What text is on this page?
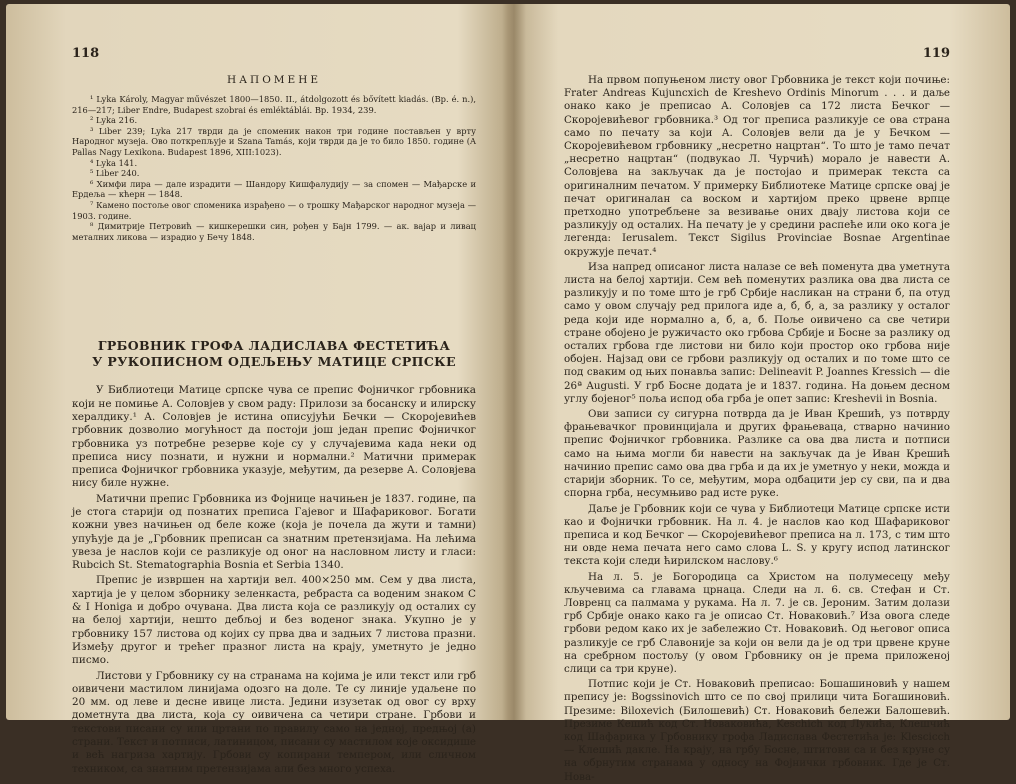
118
НАПОМЕНЕ

¹ Lyka Károly, Magyar művészet 1800—1850. II., átdolgozott és bővített kiadás. (Bp. é. n.), 216—217; Liber Endre, Budapest szobrai és emléktáblái. Bp. 1934, 239.

² Lyka 216.

³ Liber 239; Lyka 217 тврди да је споменик након три године постављен у врту Народног музеја. Ово поткрепљује и Szana Tamás, који тврди да је то било 1850. године (A Pallas Nagy Lexikona. Budapest 1896, XIII:1023).

⁴ Lyka 141.

⁵ Liber 240.

⁶ Химфи лира — дале израдити — Шандору Кишфалудију — за спомен — Мађарске и Ердеља — кћерн — 1848.

⁷ Камено постоље овог споменика израђено — о трошку Мађарског народног музеја — 1903. године.

⁸ Димитрије Петровић — кишкерешки син, рођен у Бајн 1799. — ак. вајар и ливац металних ликова — израдио у Бечу 1848.

ГРБОВНИК ГРОФА ЛАДИСЛАВА ФЕСТЕТИЋА
У РУКОПИСНОМ ОДЕЉЕЊУ МАТИЦЕ СРПСКЕ

У Библиотеци Матице српске чува се препис Фојничког грбовника који не помиње А. Соловјев у свом раду: Прилози за босанску и илирску хералдику.¹ А. Соловјев је истина описујући Бечки — Скоројевићев грбовник дозволио могућност да постоји још један препис Фојничког грбовника уз потребне резерве које су у случајевима када неки од преписа нису познати, и нужни и нормални.² Матични примерак преписа Фојничког грбовника указује, међутим, да резерве А. Соловјева нису биле нужне.

Матични препис Грбовника из Фојнице начињен је 1837. године, па је стога старији од познатих преписа Гајевог и Шафариковог. Богати кожни увез начињен од беле коже (која је почела да жути и тамни) упућује да је „Грбовник преписан са знатним претензијама. На лећима увеза је наслов који се разликује од оног на насловном листу и гласи: Rubcich St. Stematographia Bosnia et Serbia 1340.

Препис је извршен на хартији вел. 400×250 мм. Сем у два листа, хартија је у целом зборнику зеленкаста, ребраста са воденим знаком C & I Honiga и добро очувана. Два листа која се разликују од осталих су на белој хартији, нешто дебљој и без воденог знака. Укупно је у грбовнику 157 листова од којих су прва два и задњих 7 листова празни. Између другог и трећег празног листа на крају, уметнуто је једно писмо.

Листови у Грбовнику су на странама на којима је или текст или грб оивичени мастилом линијама одозго на доле. Те су линије удаљене по 20 мм. од леве и десне ивице листа. Једини изузетак од овог су врху дометнута два листа, која су оивичена са четири стране. Грбови и текстови писани су или цртани по правилу само на једној, предњој (а) страни. Текст и потписи, латиницом, писани су мастилом које оксидише и већ нагриза хартију. Грбови су копирани темпером, или сличном техником, са знатним претензијама али без много успеха.

119

На првом попуњеном листу овог Грбовника је текст који почиње: Frater Andreas Kujuncxich de Kreshevo Ordinis Minorum . . . и даље онако како је преписао А. Соловјев са 172 листа Бечког — Скоројевићевог грбовника.³ Од тог преписа разликује се ова страна само по печату за који А. Соловјев вели да је у Бечком — Скоројевићевом грбовнику „несретно нацртан“. То што је тамо печат „несретно нацртан“ (подвукао Л. Чурчић) морало је навести А. Соловјева на закључак да је постојао и примерак текста са оригиналним печатом. У примерку Библиотеке Матице српске овај је печат оригиналан са воском и хартијом преко црвене врпце претходно употребљене за везивање оних двају листова који се разликују од осталих. На печату је у средини распеће или око кога је легенда: Ierusalem. Текст Sigilus Provinciae Bosnae Argentinae окружује печат.⁴

Иза напред описаног листа налазе се већ поменута два уметнута листа на белој хартији. Сем већ поменутих разлика ова два листа се разликују и по томе што је грб Србије насликан на страни б, па отуд само у овом случају ред прилога иде а, б, б, а, за разлику у осталог реда који иде нормално а, б, а, б. Поље оивичено са све четири стране обојено је ружичасто око грбова Србије и Босне за разлику од осталих грбова где листови ни било који простор око грбова није обојен. Најзад ови се грбови разликују од осталих и по томе што се под сваким од њих понавља запис: Delineavit P. Joannes Kressich — die 26ª Augusti. У грб Босне додата је и 1837. година. На доњем десном углу бојеног⁵ поља испод оба грба је опет запис: Kreshevii in Bosnia.

Ови записи су сигурна потврда да је Иван Крешић, уз потврду фрањевачког провинцијала и других фрањеваца, стварно начинио препис Фојничког грбовника. Разлике са ова два листа и потписи само на њима могли би навести на закључак да је Иван Крешић начинио препис само ова два грба и да их је уметнуо у неки, можда и старији зборник. То се, међутим, мора одбацити јер су сви, па и два спорна грба, несумњиво рад исте руке.

Даље је Грбовник који се чува у Библиотеци Матице српске исти као и Фојнички грбовник. На л. 4. је наслов као код Шафариковог преписа и код Бечког — Скоројевићевог преписа на л. 173, с тим што ни овде нема печата него само слова L. S. у кругу испод латинског текста који следи ћирилском наслову.⁶

На л. 5. је Богородица са Христом на полумесецу међу кључевима са главама црнаца. Следи на л. 6. св. Стефан и Ст. Ловренц са палмама у рукама. На л. 7. је св. Јероним. Затим долази грб Србије онако како га је описао Ст. Новаковић.⁷ Иза овога следе грбови редом како их је забележио Ст. Новаковић. Од његовог описа разликује се грб Славоније за који он вели да је од три црвене круне на сребрном постољу (у овом Грбовнику он је према приложеној слици са три круне).

Потпис који је Ст. Новаковић преписао: Бошашиновић у нашем препису је: Bogssinovich што се по свој прилици чита Богашиновић. Презиме: Biloxevich (Билошевић) Ст. Новаковић бележи Балошевић. Презиме Кешић код Ст. Новаковића, Keschich код Лукића, Клешчић код Шафарика у Грбовнику грофа Ладислава Фестетића је: Klescicch — Клешић дакле. На крају, на грбу Босне, штитови са и без круне су на обрнутим странама у односу на Фојнички грбовник. Где је Ст. Нова-
